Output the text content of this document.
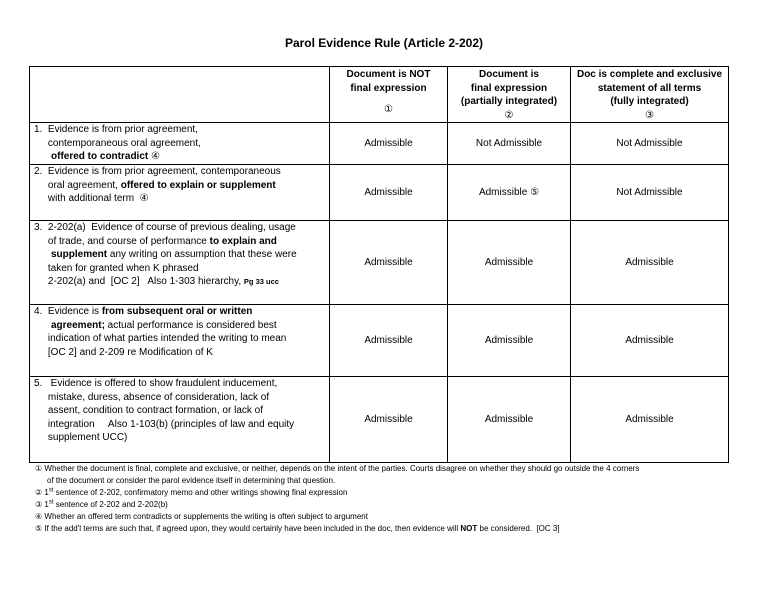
Parol Evidence Rule (Article 2-202)

	Document is NOT
final expression
①	Document is
final expression
(partially integrated)
②	Doc is complete and exclusive
statement of all terms
(fully integrated)
③

1.  Evidence is from prior agreement,
contemporaneous oral agreement,
offered to contradict ④	Admissible	Not Admissible	Not Admissible

2.  Evidence is from prior agreement, contemporaneous
oral agreement, offered to explain or supplement
with additional term  ④	Admissible	Admissible ⑤	Not Admissible

3.  2-202(a)  Evidence of course of previous dealing, usage
of trade, and course of performance to explain and
supplement any writing on assumption that these were
taken for granted when K phrased
2-202(a) and  [OC 2]   Also 1-303 hierarchy, Pg 33 ucc	Admissible	Admissible	Admissible

4.  Evidence is from subsequent oral or written
agreement; actual performance is considered best
indication of what parties intended the writing to mean
[OC 2] and 2-209 re Modification of K	Admissible	Admissible	Admissible

5.   Evidence is offered to show fraudulent inducement,
mistake, duress, absence of consideration, lack of
assent, condition to contract formation, or lack of
integration     Also 1-103(b) (principles of law and equity
supplement UCC)	Admissible	Admissible	Admissible
① Whether the document is final, complete and exclusive, or neither, depends on the intent of the parties. Courts disagree on whether they should go outside the 4 corners
of the document or consider the parol evidence itself in determining that question.
② 1st sentence of 2-202, confirmatory memo and other writings showing final expression
③ 1st sentence of 2-202 and 2-202(b)
④ Whether an offered term contradicts or supplements the writing is often subject to argument
⑤ If the add'l terms are such that, if agreed upon, they would certainly have been included in the doc, then evidence will NOT be considered.  [OC 3]
